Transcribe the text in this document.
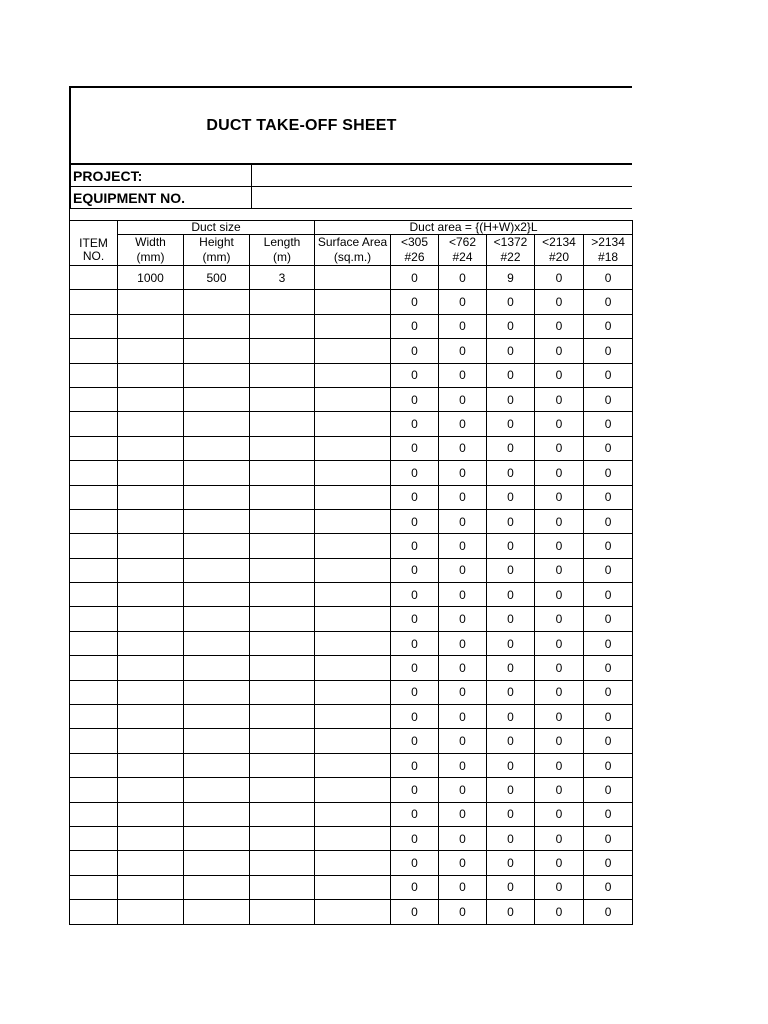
DUCT TAKE-OFF SHEET
PROJECT:	
EQUIPMENT NO.	
ITEM	Duct size			Duct area = {(H+W)x2}L					
	Width	Height	Length	Surface Area	<305	<762	<1372	<2134	>2134
NO.	(mm)	(mm)	(m)	(sq.m.)	#26	#24	#22	#20	#18
	1000	500	3		0	0	9	0	0
					0	0	0	0	0
					0	0	0	0	0
					0	0	0	0	0
					0	0	0	0	0
					0	0	0	0	0
					0	0	0	0	0
					0	0	0	0	0
					0	0	0	0	0
					0	0	0	0	0
					0	0	0	0	0
					0	0	0	0	0
					0	0	0	0	0
					0	0	0	0	0
					0	0	0	0	0
					0	0	0	0	0
					0	0	0	0	0
					0	0	0	0	0
					0	0	0	0	0
					0	0	0	0	0
					0	0	0	0	0
					0	0	0	0	0
					0	0	0	0	0
					0	0	0	0	0
					0	0	0	0	0
					0	0	0	0	0
					0	0	0	0	0
